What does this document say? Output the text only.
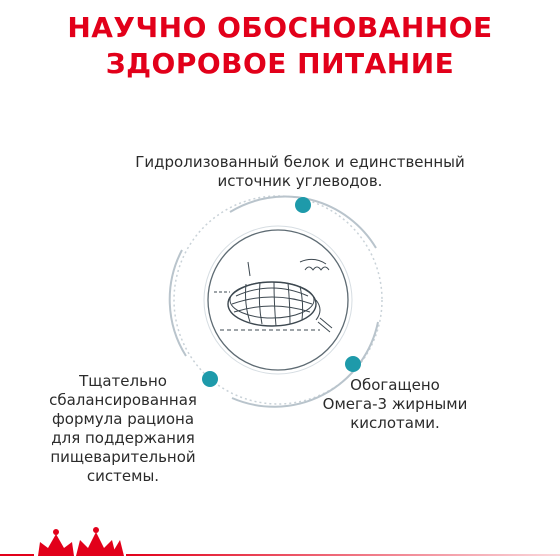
НАУЧНО ОБОСНОВАННОЕ
ЗДОРОВОЕ ПИТАНИЕ
Гидролизованный белок и единственный
источник углеводов.
Тщательно
сбалансированная
формула рациона
для поддержания
пищеварительной
системы.
Обогащено
Омега-3 жирными
кислотами.
